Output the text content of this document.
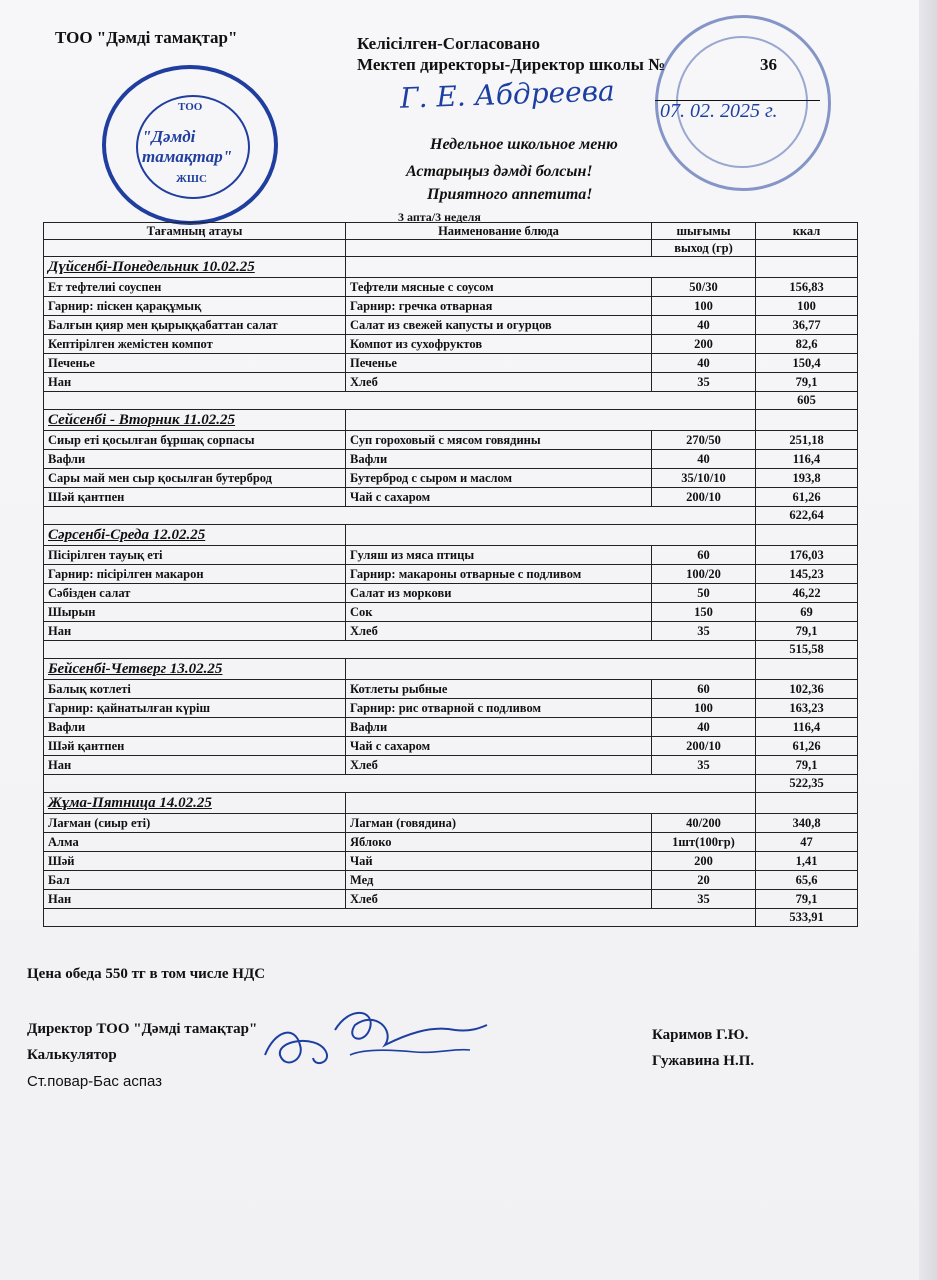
ТОО "Дәмді тамақтар"	Келісілген-Согласовано
Мектеп директоры-Директор школы №	36
Г. Е. Абдреева 07. 02. 2025 г.
ТОО
"Дәмді тамақтар"
ЖШС
Недельное школьное меню
Астарыңыз дәмді болсын!
Приятного аппетита!
3 апта/3 неделя
Тағамның атауы	Наименование блюда	шығымы	ккал
		выход (гр)	
Дүйсенбі-Понедельник 10.02.25			
Ет тефтелиі соуспен	Тефтели мясные с соусом	50/30	156,83
Гарнир: піскен қарақұмық	Гарнир: гречка отварная	100	100
Балғын қияр мен қырыққабаттан салат	Салат из свежей капусты и огурцов	40	36,77
Кептірілген жемістен компот	Компот из сухофруктов	200	82,6
Печенье	Печенье	40	150,4
Нан	Хлеб	35	79,1
			605
Сейсенбі - Вторник 11.02.25			
Сиыр еті қосылған бұршақ сорпасы	Суп гороховый с мясом говядины	270/50	251,18
Вафли	Вафли	40	116,4
Сары май мен сыр қосылған бутерброд	Бутерброд с сыром и маслом	35/10/10	193,8
Шәй қантпен	Чай с сахаром	200/10	61,26
			622,64
Сәрсенбі-Среда 12.02.25			
Пісірілген тауық еті	Гуляш из мяса птицы	60	176,03
Гарнир: пісірілген макарон	Гарнир: макароны отварные с подливом	100/20	145,23
Сәбізден салат	Салат из моркови	50	46,22
Шырын	Сок	150	69
Нан	Хлеб	35	79,1
			515,58
Бейсенбі-Четверг 13.02.25			
Балық котлеті	Котлеты рыбные	60	102,36
Гарнир: қайнатылған күріш	Гарнир: рис отварной с подливом	100	163,23
Вафли	Вафли	40	116,4
Шәй қантпен	Чай с сахаром	200/10	61,26
Нан	Хлеб	35	79,1
			522,35
Жұма-Пятница 14.02.25			
Лағман (сиыр еті)	Лагман (говядина)	40/200	340,8
Алма	Яблоко	1шт(100гр)	47
Шәй	Чай	200	1,41
Бал	Мед	20	65,6
Нан	Хлеб	35	79,1
			533,91
Цена обеда 550 тг в том числе НДС
Директор ТОО "Дәмді тамақтар"
Калькулятор
Ст.повар-Бас аспаз
Каримов Г.Ю.
Гужавина Н.П.
